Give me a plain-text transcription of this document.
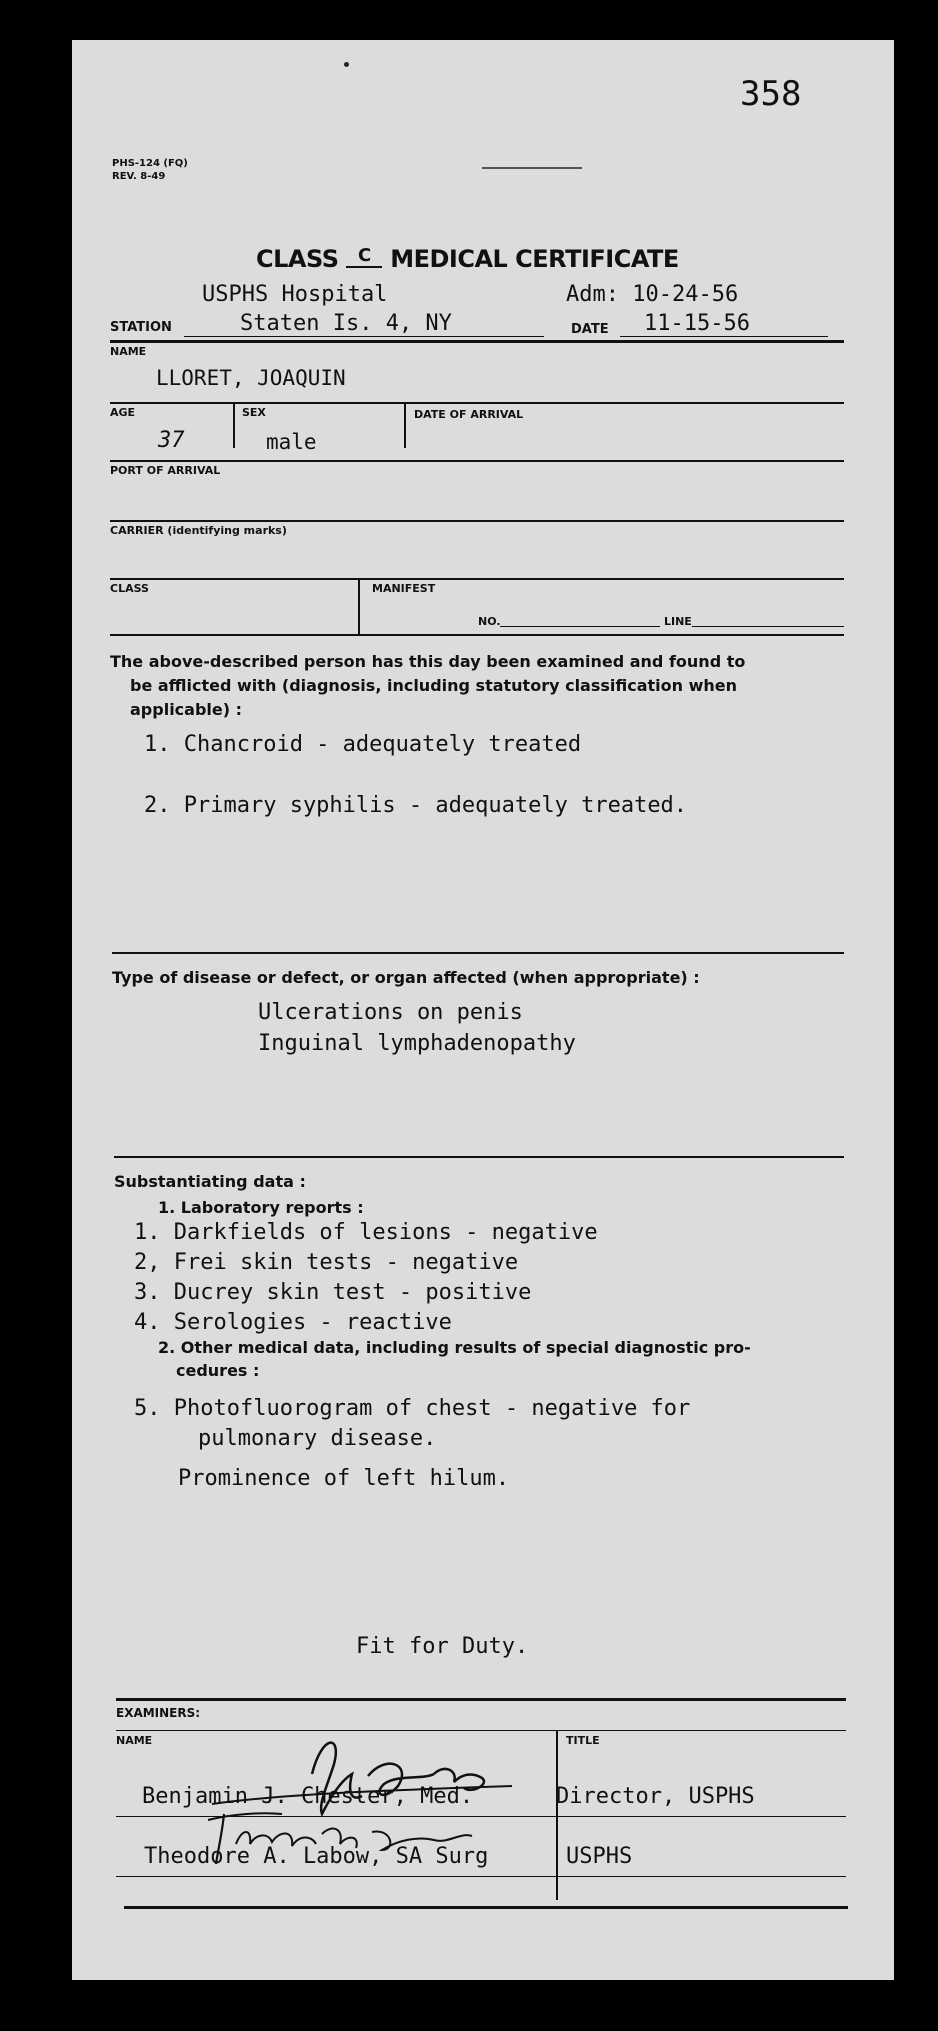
358
PHS-124 (FQ)
REV. 8-49
CLASS C MEDICAL CERTIFICATE
USPHS Hospital	Adm: 10-24-56
STATION	Staten Is. 4, NY	DATE 11-15-56
NAME
LLORET, JOAQUIN
AGE	SEX	DATE OF ARRIVAL
37	male
PORT OF ARRIVAL
CARRIER (identifying marks)
CLASS	MANIFEST
NO.	LINE
The above-described person has this day been examined and found to
be afflicted with (diagnosis, including statutory classification when
applicable) :
1. Chancroid - adequately treated
2. Primary syphilis - adequately treated.
Type of disease or defect, or organ affected (when appropriate) :
Ulcerations on penis
Inguinal lymphadenopathy
Substantiating data :
1. Laboratory reports :
1. Darkfields of lesions - negative
2, Frei skin tests - negative
3. Ducrey skin test - positive
4. Serologies - reactive
2. Other medical data, including results of special diagnostic pro-
cedures :
5. Photofluorogram of chest - negative for
pulmonary disease.
Prominence of left hilum.
Fit for Duty.
EXAMINERS:
NAME	TITLE
Benjamin J. Chester, Med.	Director, USPHS
Theodore A. Labow, SA Surg	USPHS
